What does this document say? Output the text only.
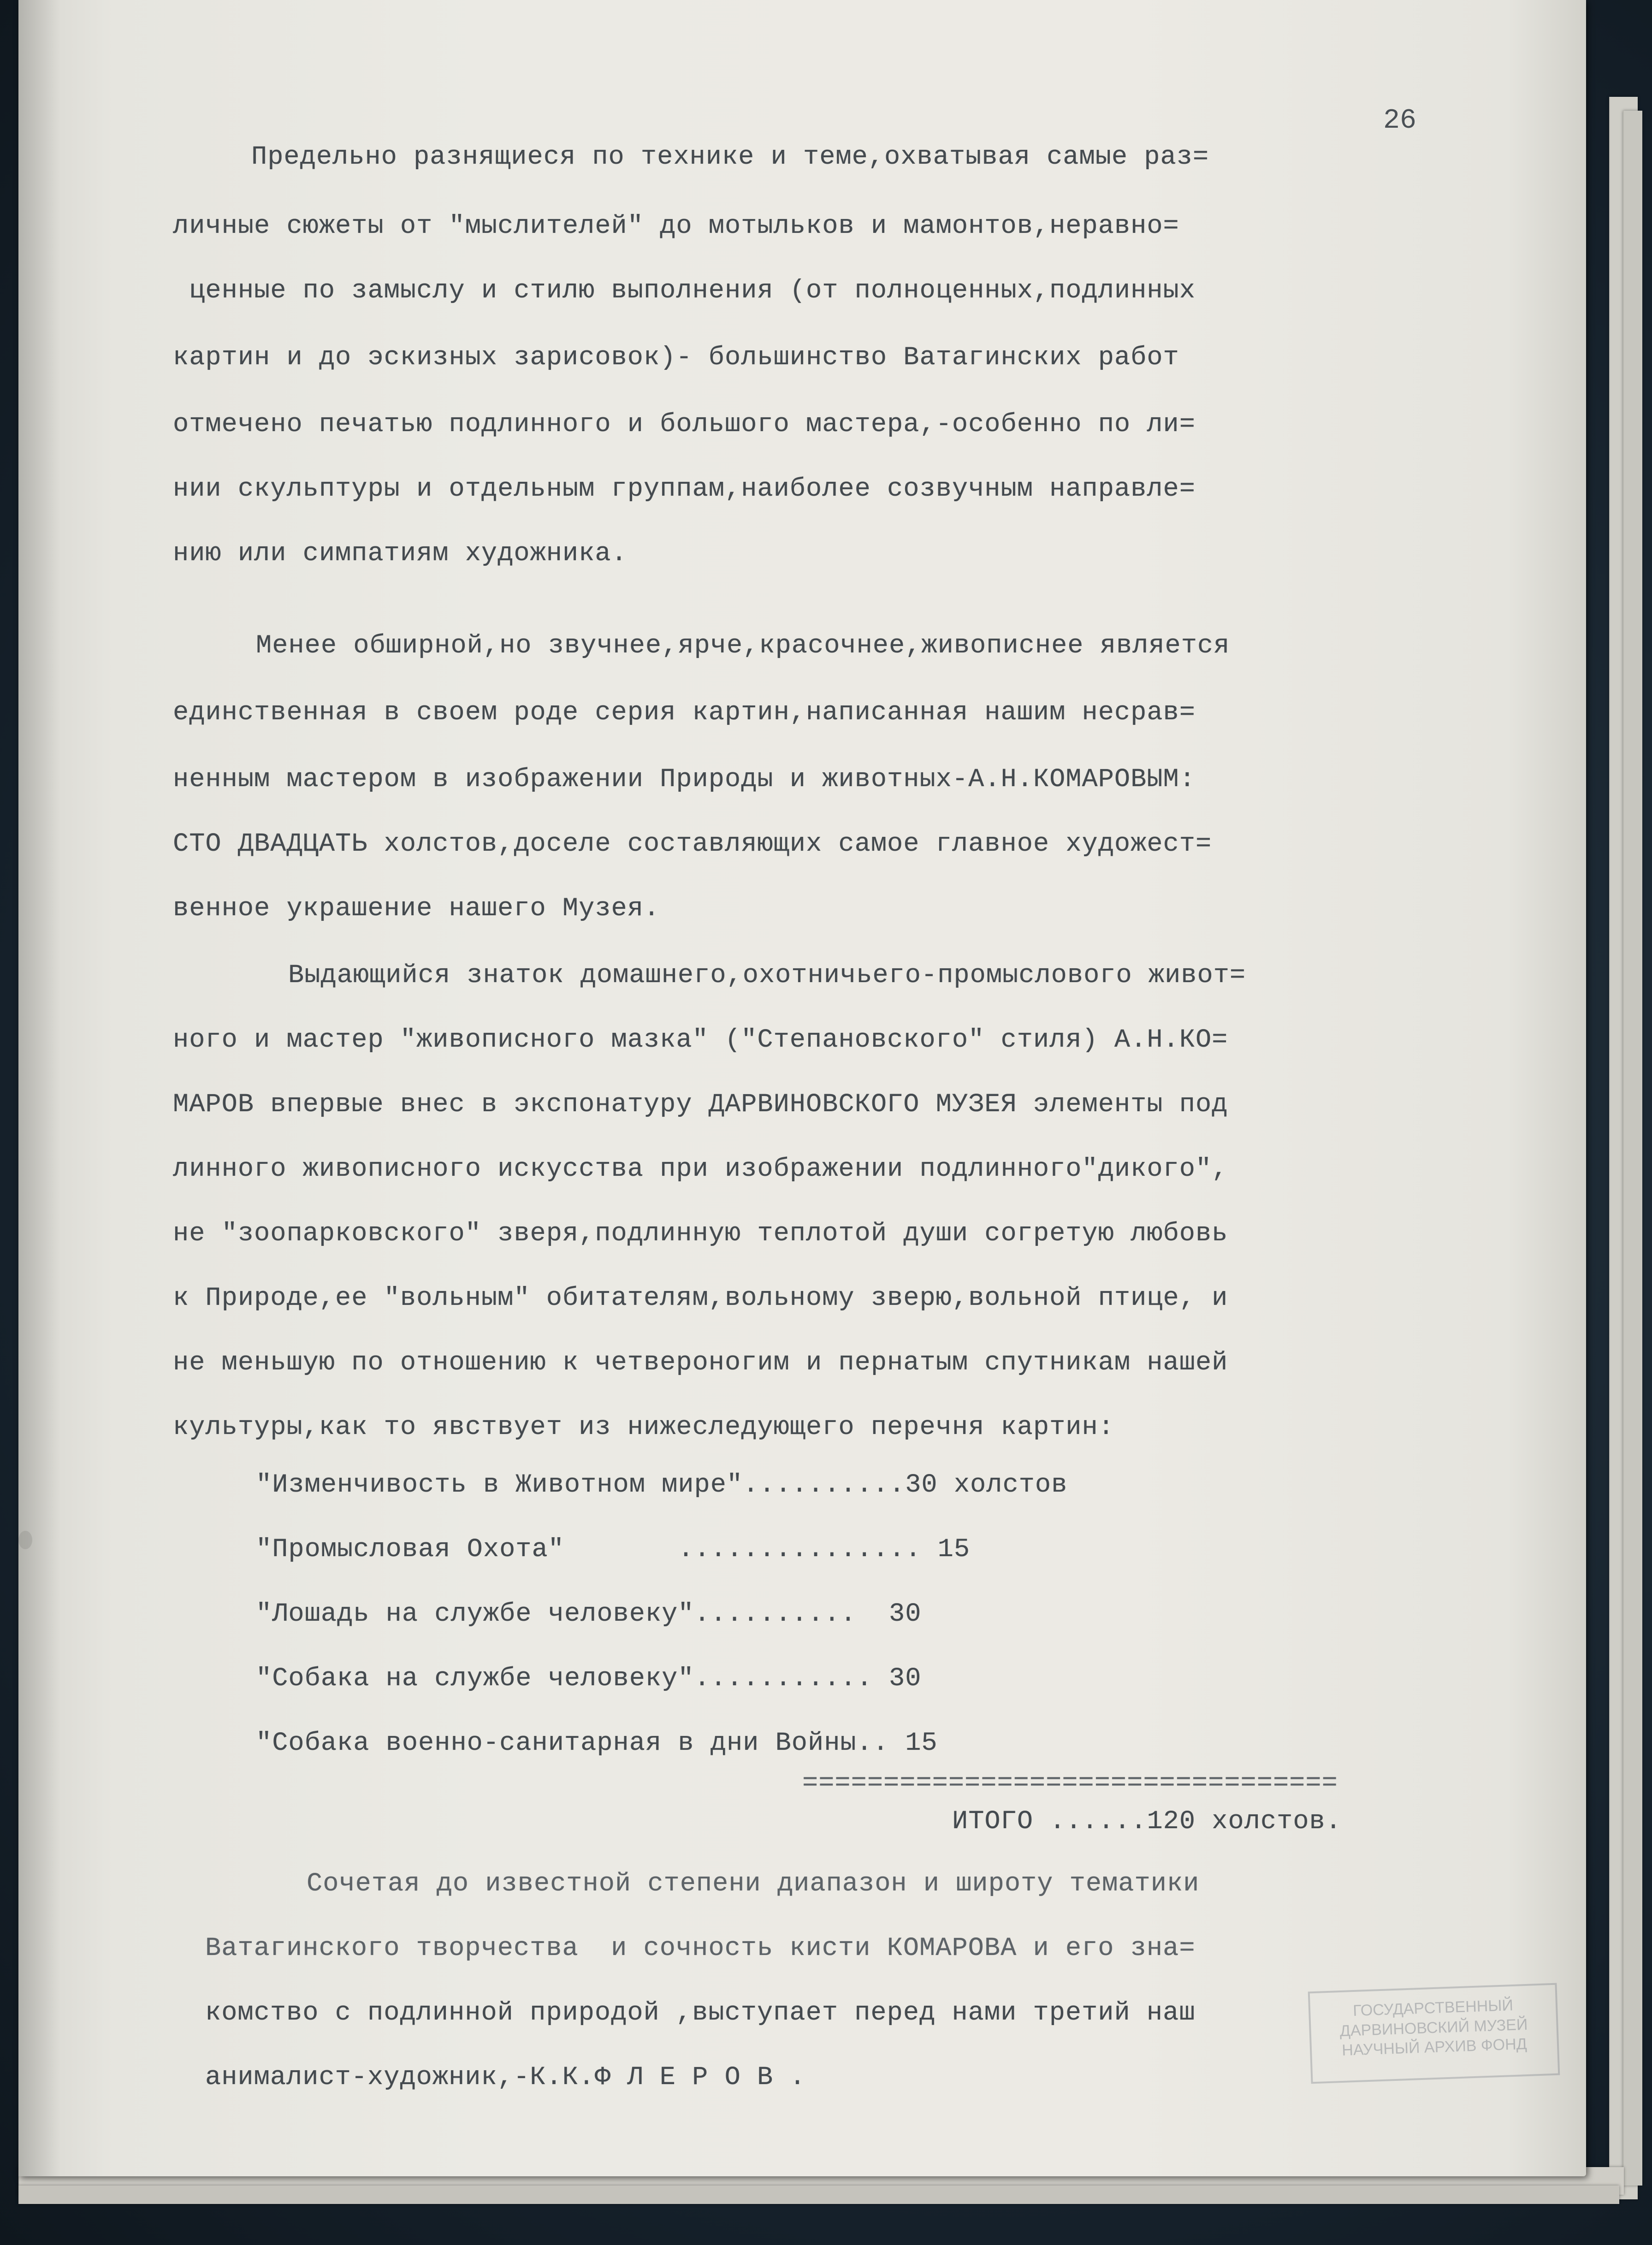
26
Предельно разнящиеся по технике и теме,охватывая самые раз=
личные сюжеты от "мыслителей" до мотыльков и мамонтов,неравно=
ценные по замыслу и стилю выполнения (от полноценных,подлинных
картин и до эскизных зарисовок)- большинство Ватагинских работ
отмечено печатью подлинного и большого мастера,-особенно по ли=
нии скульптуры и отдельным группам,наиболее созвучным направле=
нию или симпатиям художника.
Менее обширной,но звучнее,ярче,красочнее,живописнее является
единственная в своем роде серия картин,написанная нашим несрав=
ненным мастером в изображении Природы и животных-А.Н.КОМАРОВЫМ:
СТО ДВАДЦАТЬ холстов,доселе составляющих самое главное художест=
венное украшение нашего Музея.
Выдающийся знаток домашнего,охотничьего-промыслового живот=
ного и мастер "живописного мазка" ("Степановского" стиля) А.Н.КО=
МАРОВ впервые внес в экспонатуру ДАРВИНОВСКОГО МУЗЕЯ элементы под
линного живописного искусства при изображении подлинного"дикого",
не "зоопарковского" зверя,подлинную теплотой души согретую любовь
к Природе,ее "вольным" обитателям,вольному зверю,вольной птице, и
не меньшую по отношению к четвероногим и пернатым спутникам нашей
культуры,как то явствует из нижеследующего перечня картин:
"Изменчивость в Животном мире"..........30 холстов
"Промысловая Охота"       ............... 15
"Лошадь на службе человеку"..........  30
"Собака на службе человеку"........... 30
"Собака военно-санитарная в дни Войны.. 15
=================================
ИТОГО ......120 холстов.
Сочетая до известной степени диапазон и широту тематики
Ватагинского творчества  и сочность кисти КОМАРОВА и его зна=
комство с подлинной природой ,выступает перед нами третий наш
анималист-художник,-К.К.Ф Л Е Р О В .
ГОСУДАРСТВЕННЫЙ
ДАРВИНОВСКИЙ МУЗЕЙ
НАУЧНЫЙ АРХИВ ФОНД
